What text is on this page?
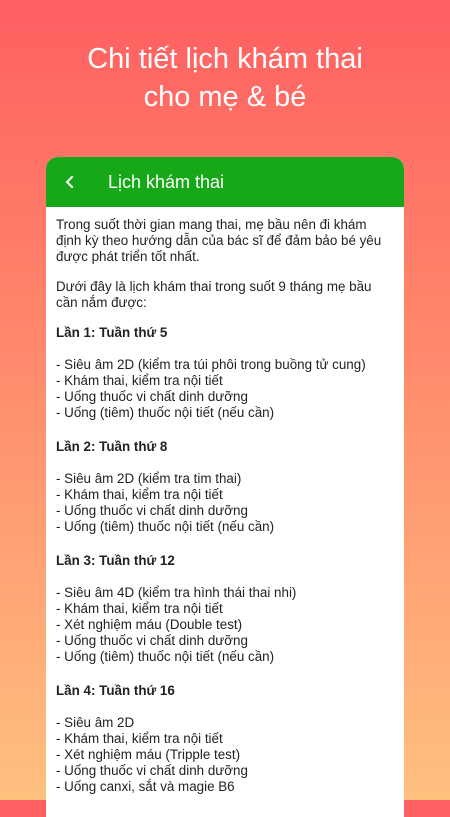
Chi tiết lịch khám thai
cho mẹ & bé
Lịch khám thai

Trong suốt thời gian mang thai, mẹ bầu nên đi khám định kỳ theo hướng dẫn của bác sĩ để đảm bảo bé yêu được phát triển tốt nhất.

Dưới đây là lịch khám thai trong suốt 9 tháng mẹ bầu cần nắm được:

Lần 1: Tuần thứ 5
- Siêu âm 2D (kiểm tra túi phôi trong buồng tử cung)
- Khám thai, kiểm tra nội tiết
- Uống thuốc vi chất dinh dưỡng
- Uống (tiêm) thuốc nội tiết (nếu cần)
Lần 2: Tuần thứ 8
- Siêu âm 2D (kiểm tra tim thai)
- Khám thai, kiểm tra nội tiết
- Uống thuốc vi chất dinh dưỡng
- Uống (tiêm) thuốc nội tiết (nếu cần)
Lần 3: Tuần thứ 12
- Siêu âm 4D (kiểm tra hình thái thai nhi)
- Khám thai, kiểm tra nội tiết
- Xét nghiệm máu (Double test)
- Uống thuốc vi chất dinh dưỡng
- Uống (tiêm) thuốc nội tiết (nếu cần)
Lần 4: Tuần thứ 16
- Siêu âm 2D
- Khám thai, kiểm tra nội tiết
- Xét nghiệm máu (Tripple test)
- Uống thuốc vi chất dinh dưỡng
- Uống canxi, sắt và magie B6
